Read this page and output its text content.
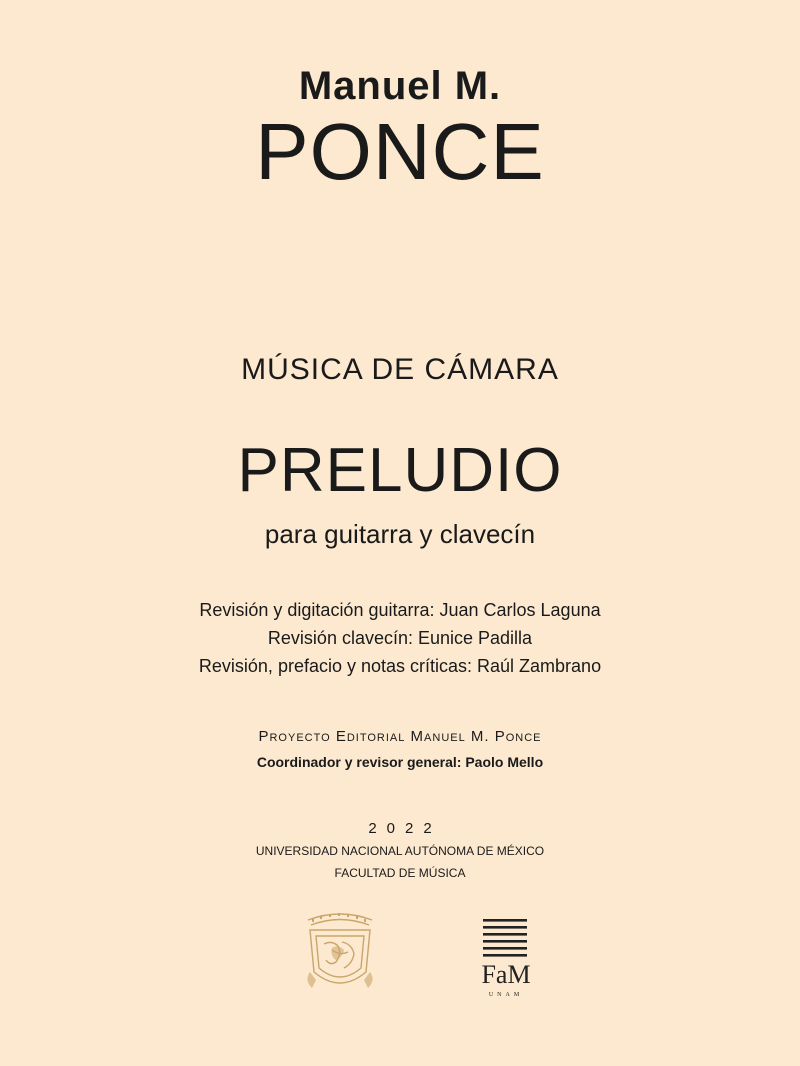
Manuel M.
PONCE
MÚSICA DE CÁMARA
PRELUDIO
para guitarra y clavecín
Revisión y digitación guitarra: Juan Carlos Laguna
Revisión clavecín: Eunice Padilla
Revisión, prefacio y notas críticas: Raúl Zambrano
Proyecto Editorial Manuel M. Ponce
Coordinador y revisor general: Paolo Mello
2022
UNIVERSIDAD NACIONAL AUTÓNOMA DE MÉXICO
FACULTAD DE MÚSICA
FaM
UNAM
